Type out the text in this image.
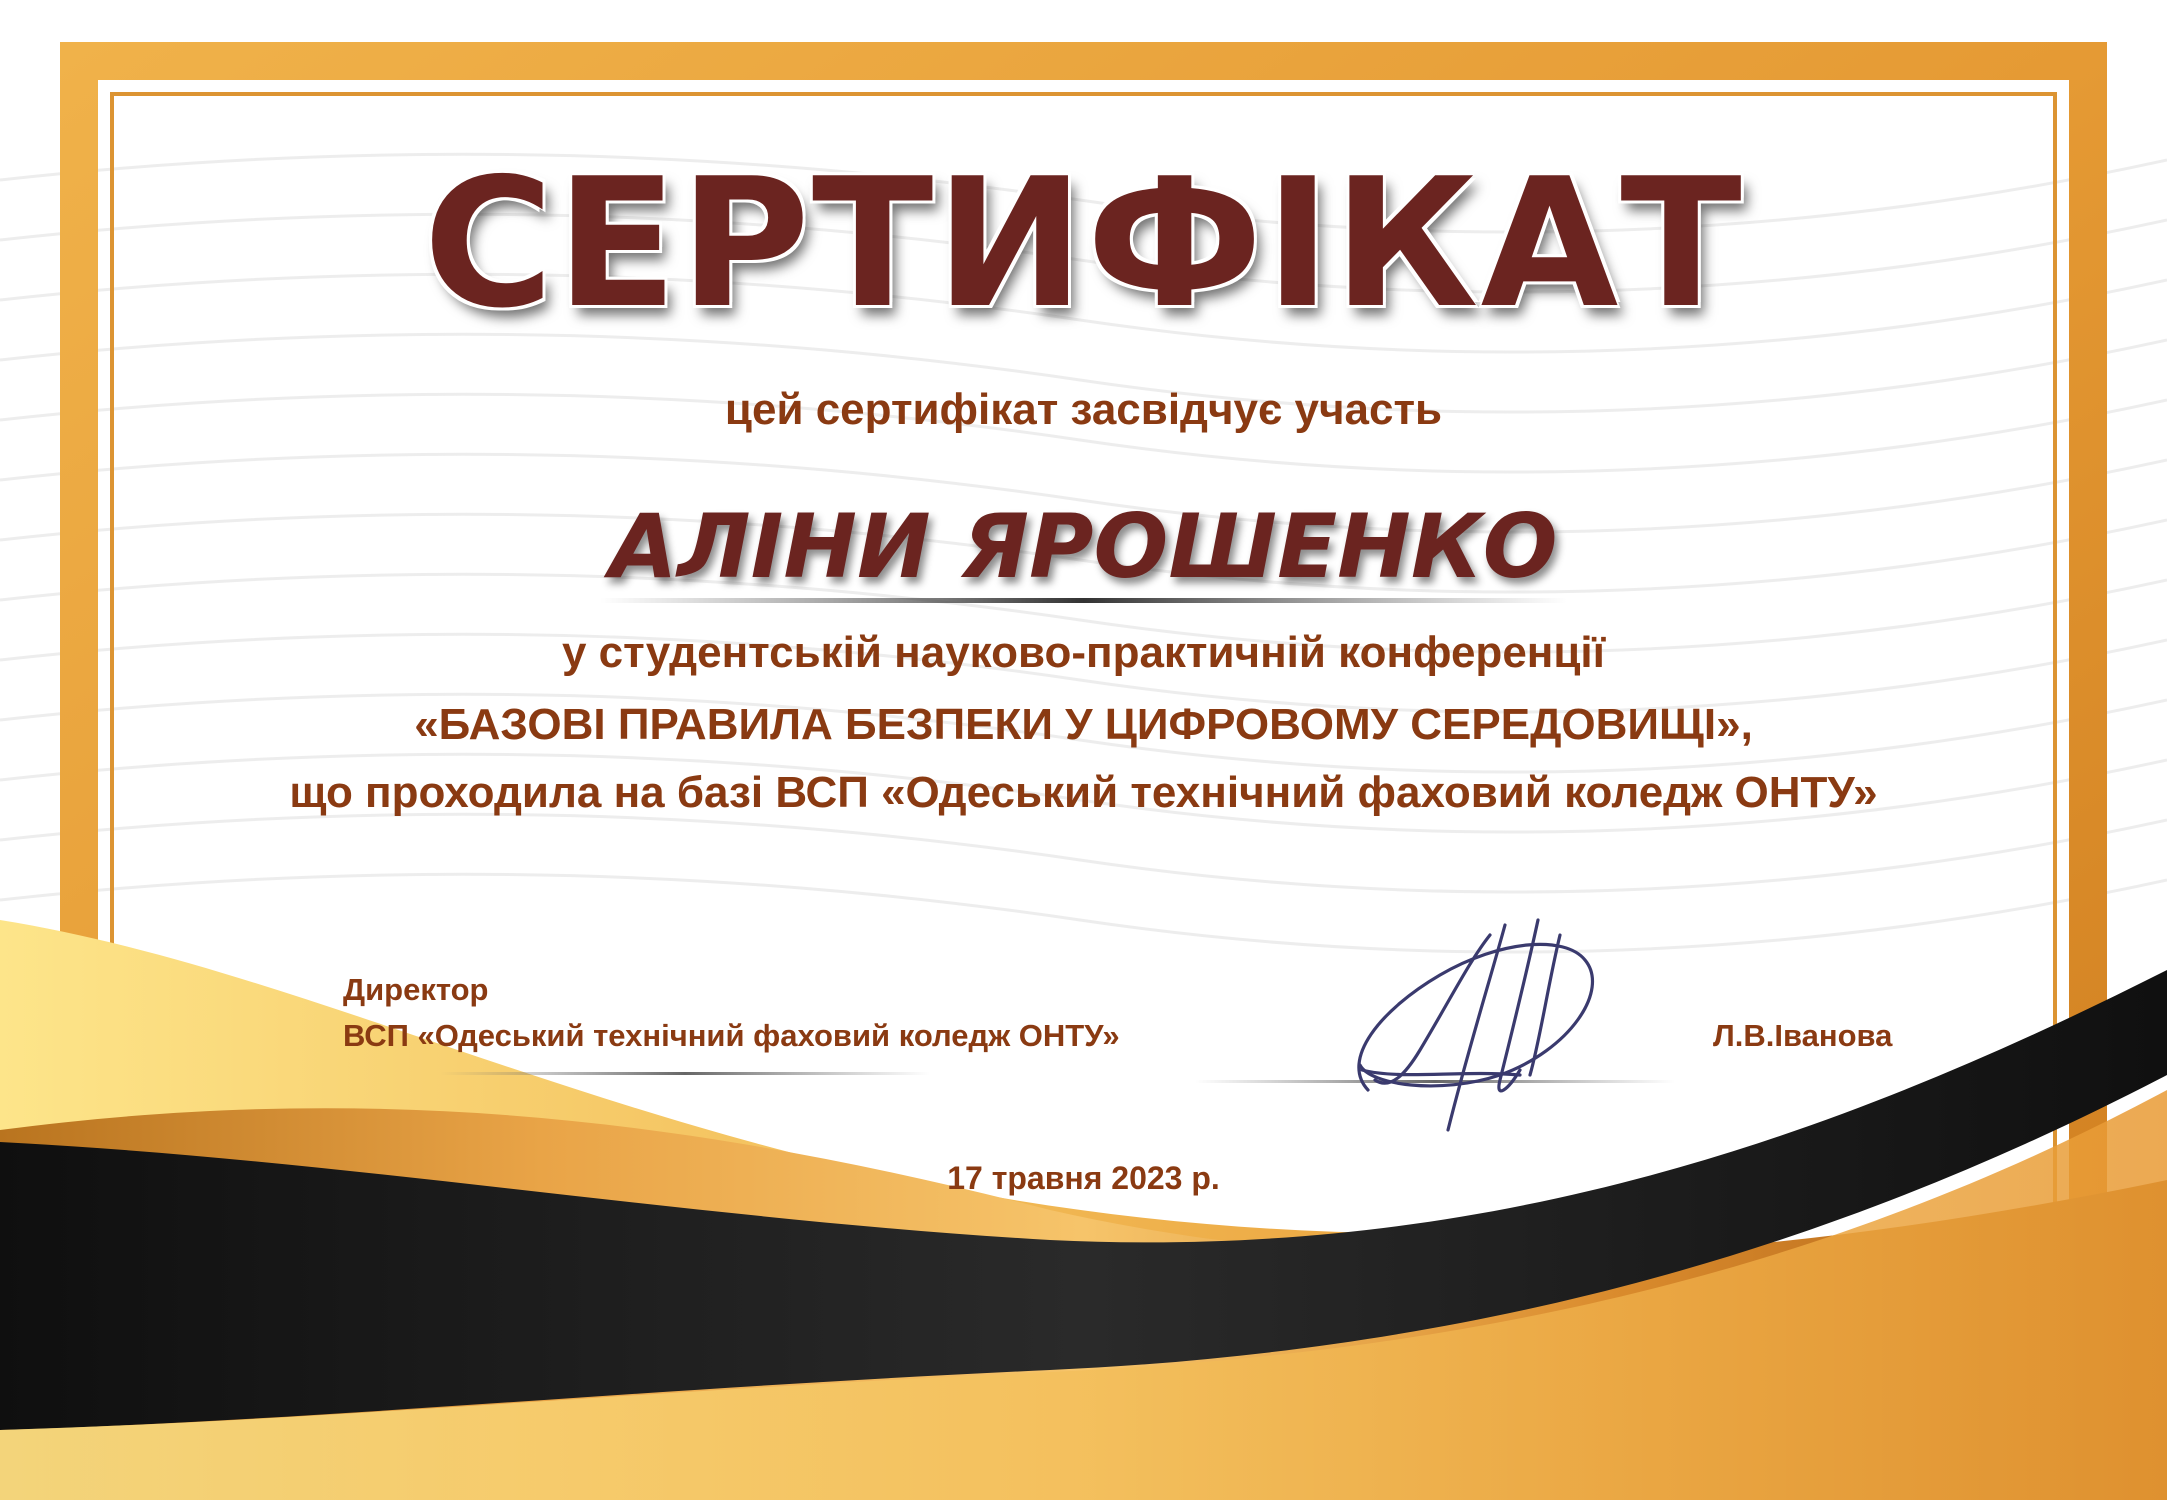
СЕРТИФІКАТ

цей сертифікат засвідчує участь

АЛІНИ ЯРОШЕНКО

у студентській науково-практичній конференції

«БАЗОВІ ПРАВИЛА БЕЗПЕКИ У ЦИФРОВОМУ СЕРЕДОВИЩІ»,

що проходила на базі ВСП «Одеський технічний фаховий коледж ОНТУ»

Директор

ВСП «Одеський технічний фаховий коледж ОНТУ»	Л.В.Іванова

17 травня 2023 р.
